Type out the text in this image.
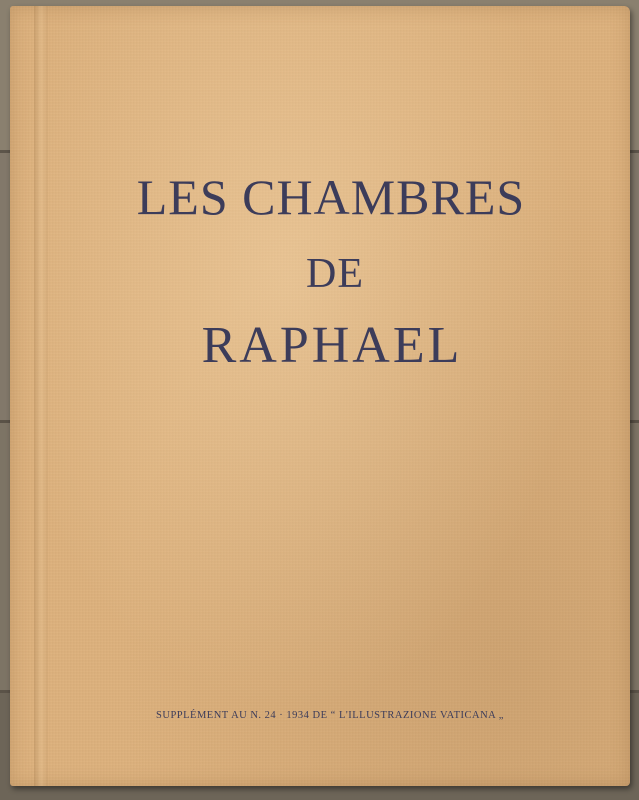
LES CHAMBRES
DE
RAPHAEL
SUPPLÉMENT AU N. 24 · 1934 DE “ L'ILLUSTRAZIONE VATICANA „
